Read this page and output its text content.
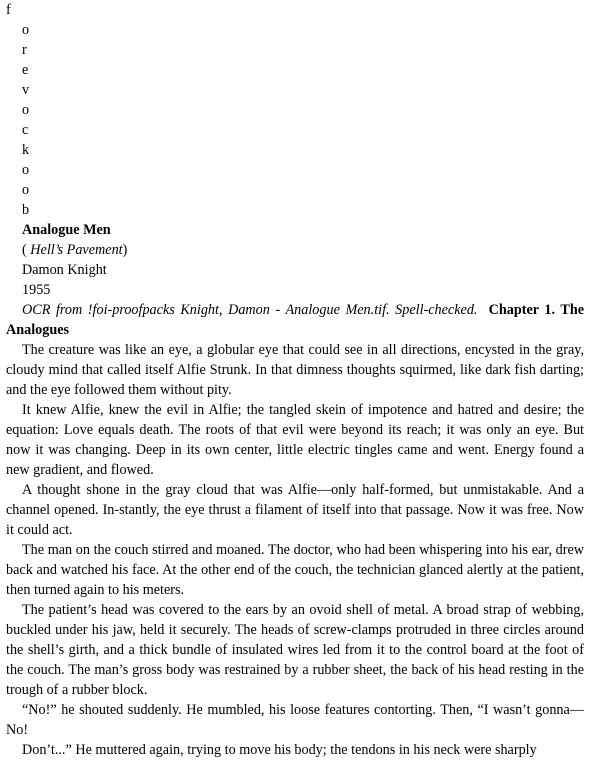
f
o
r
e
v
o
c
k
o
o
b
Analogue Men
( Hell’s Pavement)
Damon Knight
1955
OCR from !foi-proofpacks Knight, Damon - Analogue Men.tif. Spell-checked. Chapter 1. The Analogues
The creature was like an eye, a globular eye that could see in all directions, encysted in the gray, cloudy mind that called itself Alfie Strunk. In that dimness thoughts squirmed, like dark fish darting; and the eye followed them without pity.
It knew Alfie, knew the evil in Alfie; the tangled skein of impotence and hatred and desire; the equation: Love equals death. The roots of that evil were beyond its reach; it was only an eye. But now it was changing. Deep in its own center, little electric tingles came and went. Energy found a new gradient, and flowed.
A thought shone in the gray cloud that was Alfie—only half-formed, but unmistakable. And a channel opened. In-stantly, the eye thrust a filament of itself into that passage. Now it was free. Now it could act.
The man on the couch stirred and moaned. The doctor, who had been whispering into his ear, drew back and watched his face. At the other end of the couch, the technician glanced alertly at the patient, then turned again to his meters.
The patient’s head was covered to the ears by an ovoid shell of metal. A broad strap of webbing, buckled under his jaw, held it securely. The heads of screw-clamps protruded in three circles around the shell’s girth, and a thick bundle of insulated wires led from it to the control board at the foot of the couch. The man’s gross body was restrained by a rubber sheet, the back of his head resting in the trough of a rubber block.
“No!” he shouted suddenly. He mumbled, his loose features contorting. Then, “I wasn’t gonna—No!
Don’t...” He muttered again, trying to move his body; the tendons in his neck were sharply
